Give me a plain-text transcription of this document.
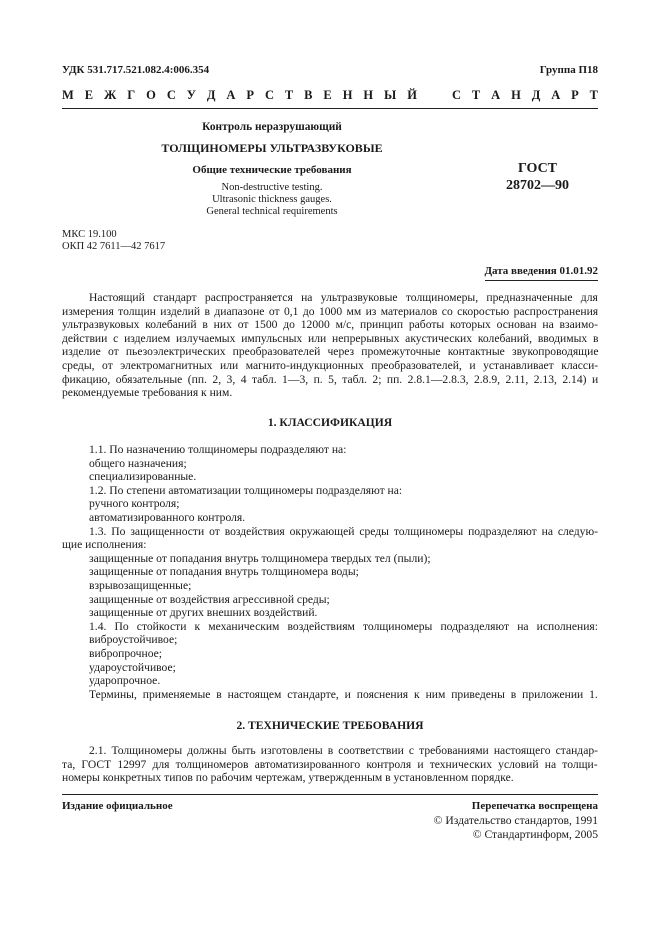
УДК 531.717.521.082.4:006.354	Группа П18
М Е Ж Г О С У Д А Р С Т В Е Н Н Ы Й	С Т А Н Д А Р Т
Контроль неразрушающий
ТОЛЩИНОМЕРЫ УЛЬТРАЗВУКОВЫЕ
Общие технические требования
Non-destructive testing.
Ultrasonic thickness gauges.
General technical requirements
ГОСТ
28702—90
МКС 19.100
ОКП 42 7611—42 7617
Дата введения 01.01.92
Настоящий стандарт распространяется на ультразвуковые толщиномеры, предназначенные для
измерения толщин изделий в диапазоне от 0,1 до 1000 мм из материалов со скоростью распространения
ультразвуковых колебаний в них от 1500 до 12000 м/с, принцип работы которых основан на взаимо-
действии с изделием излучаемых импульсных или непрерывных акустических колебаний, вводимых в
изделие от пьезоэлектрических преобразователей через промежуточные контактные звукопроводящие
среды, от электромагнитных или магнито-индукционных преобразователей, и устанавливает класси-
фикацию, обязательные (пп. 2, 3, 4 табл. 1—3, п. 5, табл. 2; пп. 2.8.1—2.8.3, 2.8.9, 2.11, 2.13, 2.14) и
рекомендуемые требования к ним.
1. КЛАССИФИКАЦИЯ
1.1. По назначению толщиномеры подразделяют на:
общего назначения;
специализированные.
1.2. По степени автоматизации толщиномеры подразделяют на:
ручного контроля;
автоматизированного контроля.
1.3. По защищенности от воздействия окружающей среды толщиномеры подразделяют на следую-
щие исполнения:
защищенные от попадания внутрь толщиномера твердых тел (пыли);
защищенные от попадания внутрь толщиномера воды;
взрывозащищенные;
защищенные от воздействия агрессивной среды;
защищенные от других внешних воздействий.
1.4. По стойкости к механическим воздействиям толщиномеры подразделяют на исполнения:
виброустойчивое;
вибропрочное;
удароустойчивое;
ударопрочное.
Термины, применяемые в настоящем стандарте, и пояснения к ним приведены в приложении 1.
2. ТЕХНИЧЕСКИЕ ТРЕБОВАНИЯ
2.1. Толщиномеры должны быть изготовлены в соответствии с требованиями настоящего стандар-
та, ГОСТ 12997 для толщиномеров автоматизированного контроля и технических условий на толщи-
номеры конкретных типов по рабочим чертежам, утвержденным в установленном порядке.
Издание официальное	Перепечатка воспрещена
© Издательство стандартов, 1991
© Стандартинформ, 2005
